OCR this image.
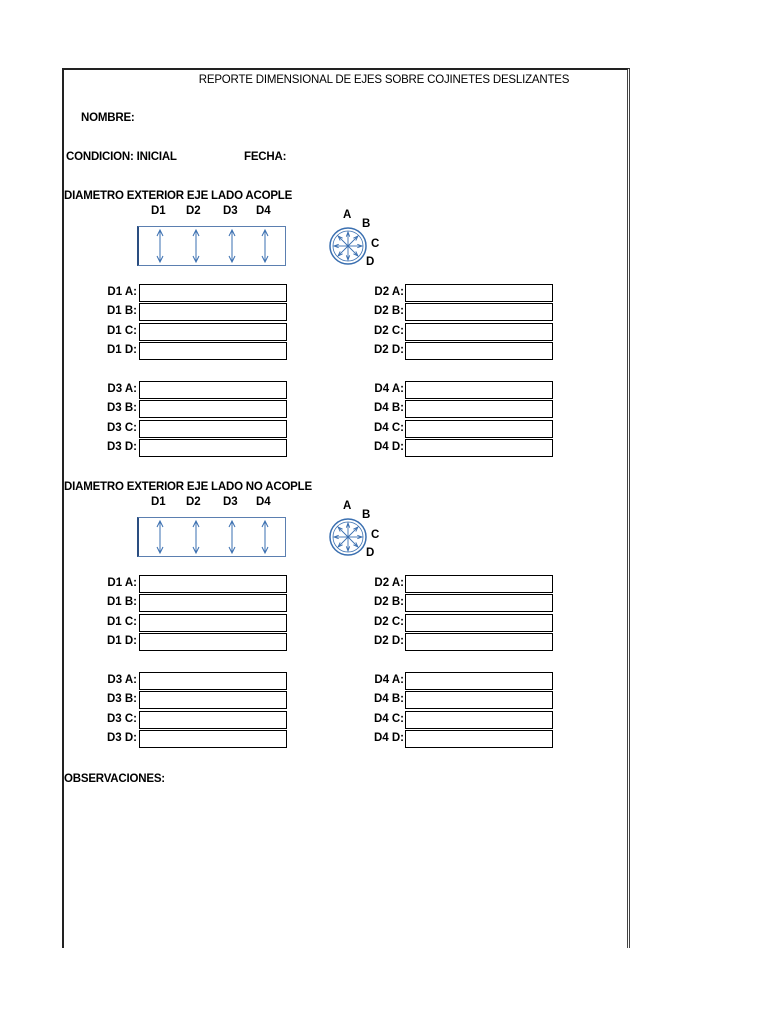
REPORTE DIMENSIONAL DE EJES SOBRE COJINETES DESLIZANTES
NOMBRE:
CONDICION: INICIAL	FECHA:
DIAMETRO EXTERIOR EJE LADO ACOPLE
D1 D2 D3 D4	A
B
C
D
D1 A:
D1 B:
D1 C:
D1 D:
D2 A:
D2 B:
D2 C:
D2 D:
D3 A:
D3 B:
D3 C:
D3 D:
D4 A:
D4 B:
D4 C:
D4 D:
DIAMETRO EXTERIOR EJE LADO NO ACOPLE
D1 D2 D3 D4	A
B
C
D
D1 A:
D1 B:
D1 C:
D1 D:
D2 A:
D2 B:
D2 C:
D2 D:
D3 A:
D3 B:
D3 C:
D3 D:
D4 A:
D4 B:
D4 C:
D4 D:
OBSERVACIONES:
